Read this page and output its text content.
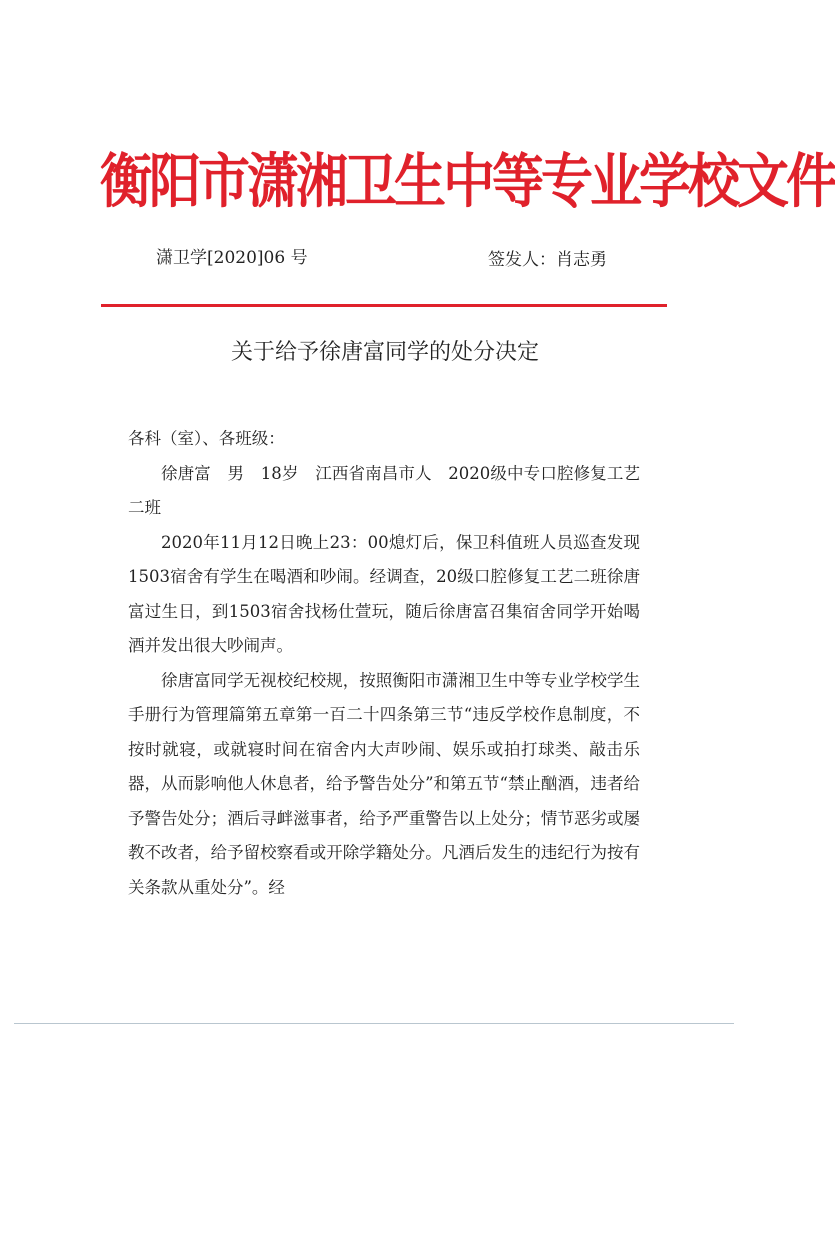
衡阳市潇湘卫生中等专业学校文件
潇卫学[2020]06 号	签发人：肖志勇
关于给予徐唐富同学的处分决定

各科（室）、各班级：

徐唐富　男　18岁　江西省南昌市人　2020级中专口腔修复工艺二班

2020年11月12日晚上23：00熄灯后，保卫科值班人员巡查发现1503宿舍有学生在喝酒和吵闹。经调查，20级口腔修复工艺二班徐唐富过生日，到1503宿舍找杨仕萱玩，随后徐唐富召集宿舍同学开始喝酒并发出很大吵闹声。

徐唐富同学无视校纪校规，按照衡阳市潇湘卫生中等专业学校学生手册行为管理篇第五章第一百二十四条第三节“违反学校作息制度，不按时就寝，或就寝时间在宿舍内大声吵闹、娱乐或拍打球类、敲击乐器，从而影响他人休息者，给予警告处分”和第五节“禁止酗酒，违者给予警告处分；酒后寻衅滋事者，给予严重警告以上处分；情节恶劣或屡教不改者，给予留校察看或开除学籍处分。凡酒后发生的违纪行为按有关条款从重处分”。经
